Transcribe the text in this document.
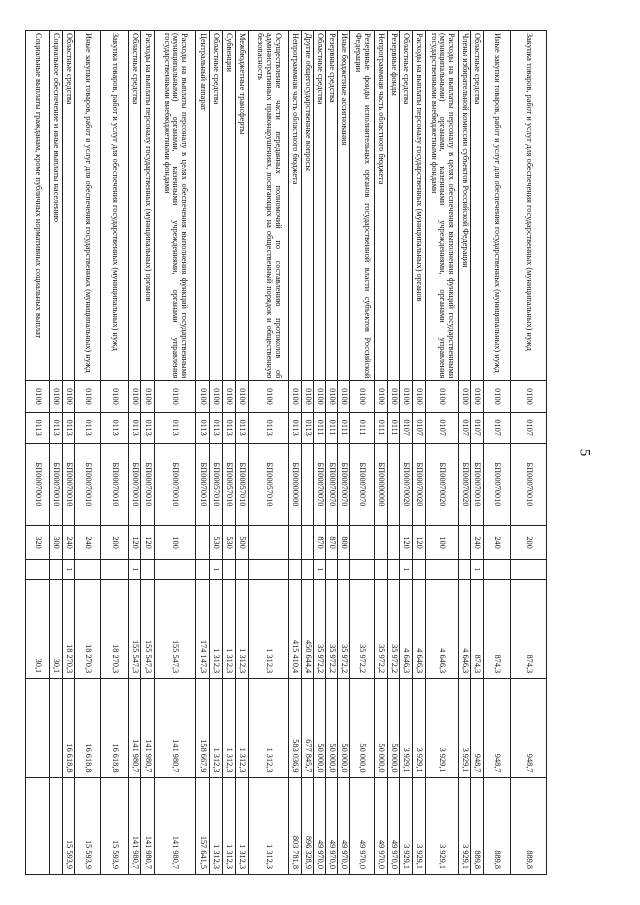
5
Закупка товаров, работ и услуг для обеспечения государственных (муниципальных) нужд	0100	0107	БП00070010	200		874,3	948,7	889,8
Иные закупки товаров, работ и услуг для обеспечения государственных (муниципальных) нужд	0100	0107	БП00070010	240		874,3	948,7	889,8
Областные средства	0100	0107	БП00070010	240	1	874,3	948,7	889,8
Члены избирательной комиссии субъектов Российской Федерации	0100	0107	БП00070020			4 646,3	3 929,1	3 929,1
Расходы на выплаты персоналу в целях обеспечения выполнения функций государственными (муниципальными) органами, казенными учреждениями, органами управления государственными внебюджетными фондами	0100	0107	БП00070020	100		4 646,3	3 929,1	3 929,1
Расходы на выплаты персоналу государственных (муниципальных) органов	0100	0107	БП00070020	120		4 646,3	3 929,1	3 929,1
Областные средства	0100	0107	БП00070020	120	1	4 646,3	3 929,1	3 929,1
Резервные фонды	0100	0111				35 972,2	50 000,0	49 970,0
Непрограммная часть областного бюджета	0100	0111	БП00000000			35 972,2	50 000,0	49 970,0
Резервные фонды исполнительных органов государственной власти субъектов Российской Федерации	0100	0111	БП00070070			35 972,2	50 000,0	49 970,0
Иные бюджетные ассигнования	0100	0111	БП00070070	800		35 972,2	50 000,0	49 970,0
Резервные средства	0100	0111	БП00070070	870		35 972,2	50 000,0	49 970,0
Областные средства	0100	0111	БП00070070	870	1	35 972,2	50 000,0	49 970,0
Другие общегосударственные вопросы	0100	0113				450 644,4	677 845,7	896 328,9
Непрограммная часть областного бюджета	0100	0113	БП00000000			415 410,4	583 036,9	803 781,8
Осуществление части переданных полномочий по составлению протоколов об административных правонарушениях, посягающих на общественный порядок и общественную безопасность	0100	0113	БП00057010			1 312,3	1 312,3	1 312,3
Межбюджетные трансферты	0100	0113	БП00057010	500		1 312,3	1 312,3	1 312,3
Субвенции	0100	0113	БП00057010	530		1 312,3	1 312,3	1 312,3
Областные средства	0100	0113	БП00057010	530	1	1 312,3	1 312,3	1 312,3
Центральный аппарат	0100	0113	БП00070010			174 147,3	158 667,9	157 641,5
Расходы на выплаты персоналу в целях обеспечения выполнения функций государственными (муниципальными) органами, казенными учреждениями, органами управления государственными внебюджетными фондами	0100	0113	БП00070010	100		155 547,3	141 980,7	141 980,7
Расходы на выплаты персоналу государственных (муниципальных) органов	0100	0113	БП00070010	120		155 547,3	141 980,7	141 980,7
Областные средства	0100	0113	БП00070010	120	1	155 547,3	141 980,7	141 980,7
Закупка товаров, работ и услуг для обеспечения государственных (муниципальных) нужд	0100	0113	БП00070010	200		18 270,3	16 618,8	15 593,9
Иные закупки товаров, работ и услуг для обеспечения государственных (муниципальных) нужд	0100	0113	БП00070010	240		18 270,3	16 618,8	15 593,9
Областные средства	0100	0113	БП00070010	240	1	18 270,3	16 618,8	15 593,9
Социальное обеспечение и иные выплаты населению	0100	0113	БП00070010	300		30,1		
Социальные выплаты гражданам, кроме публичных нормативных социальных выплат	0100	0113	БП00070010	320		30,1		
